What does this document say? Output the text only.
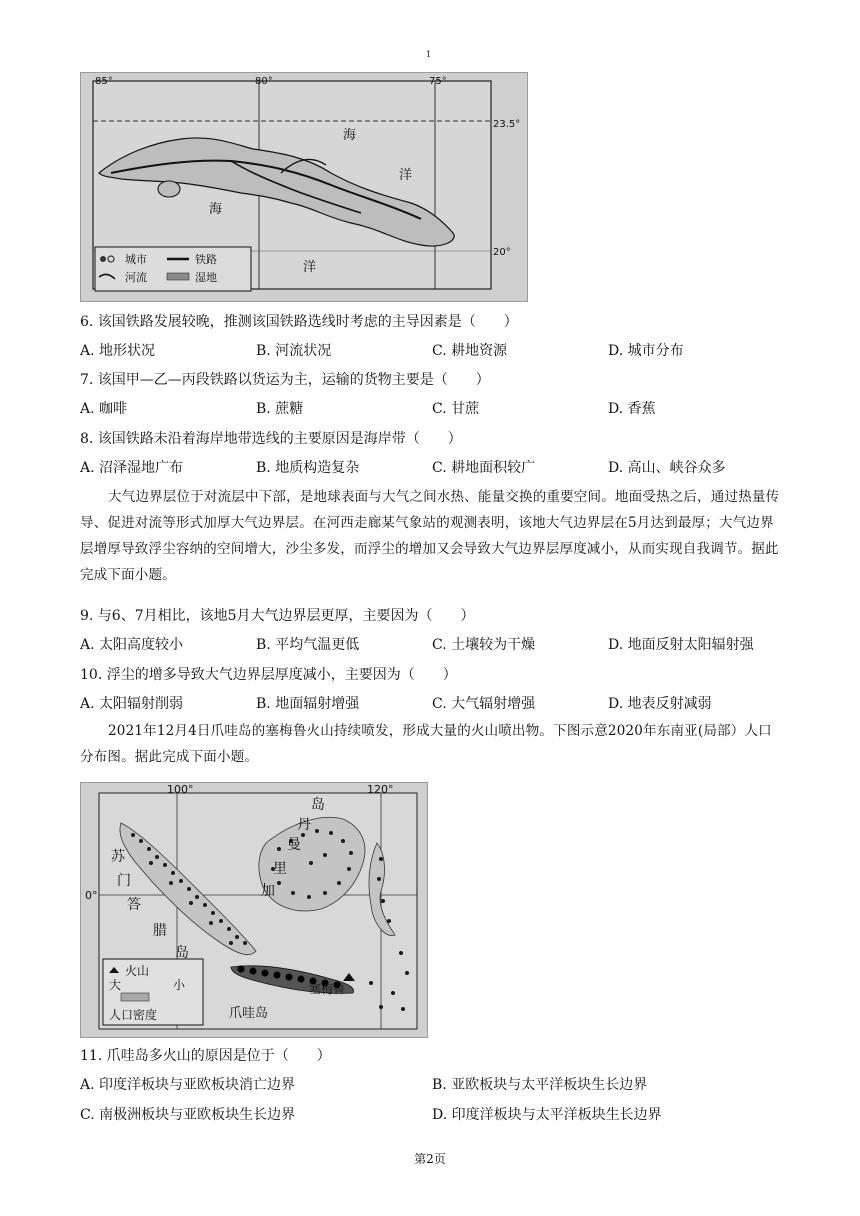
1
城市	铁路
河流	湿地
85°	80°	75°
23.5°
20°
海
洋
海
洋
6. 该国铁路发展较晚，推测该国铁路选线时考虑的主导因素是（　　）
A. 地形状况	B. 河流状况	C. 耕地资源	D. 城市分布
7. 该国甲—乙—丙段铁路以货运为主，运输的货物主要是（　　）
A. 咖啡	B. 蔗糖	C. 甘蔗	D. 香蕉
8. 该国铁路未沿着海岸地带选线的主要原因是海岸带（　　）
A. 沼泽湿地广布	B. 地质构造复杂	C. 耕地面积较广	D. 高山、峡谷众多
大气边界层位于对流层中下部，是地球表面与大气之间水热、能量交换的重要空间。地面受热之后，通过热量传导、促进对流等形式加厚大气边界层。在河西走廊某气象站的观测表明，该地大气边界层在5月达到最厚；大气边界层增厚导致浮尘容纳的空间增大，沙尘多发，而浮尘的增加又会导致大气边界层厚度减小，从而实现自我调节。据此完成下面小题。
9. 与6、7月相比，该地5月大气边界层更厚，主要因为（　　）
A. 太阳高度较小	B. 平均气温更低	C. 土壤较为干燥	D. 地面反射太阳辐射强
10. 浮尘的增多导致大气边界层厚度减小，主要因为（　　）
A. 太阳辐射削弱	B. 地面辐射增强	C. 大气辐射增强	D. 地表反射减弱
2021年12月4日爪哇岛的塞梅鲁火山持续喷发，形成大量的火山喷出物。下图示意2020年东南亚(局部）人口分布图。据此完成下面小题。
火山
大	小
人口密度
100°	120°
0°
苏
门
答
腊
岛
加
里
曼
丹
岛
爪哇岛
塞梅鲁
11. 爪哇岛多火山的原因是位于（　　）
A. 印度洋板块与亚欧板块消亡边界	B. 亚欧板块与太平洋板块生长边界
C. 南极洲板块与亚欧板块生长边界	D. 印度洋板块与太平洋板块生长边界
第2页
